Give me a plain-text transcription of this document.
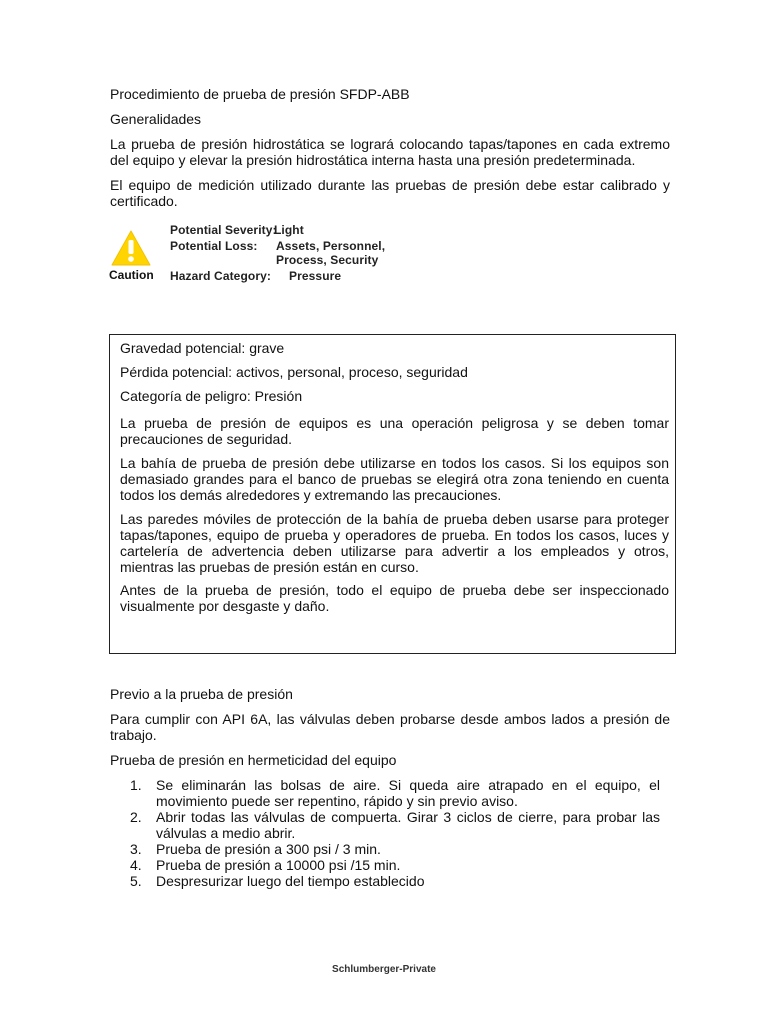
Procedimiento de prueba de presión SFDP-ABB

Generalidades

La prueba de presión hidrostática se logrará colocando tapas/tapones en cada extremo del equipo y elevar la presión hidrostática interna hasta una presión predeterminada.

El equipo de medición utilizado durante las pruebas de presión debe estar calibrado y certificado.

Caution
Potential Severity:
Light
Potential Loss: Assets, Personnel,
Process, Security
Hazard Category: Pressure

Gravedad potencial: grave

Pérdida potencial: activos, personal, proceso, seguridad

Categoría de peligro: Presión

La prueba de presión de equipos es una operación peligrosa y se deben tomar precauciones de seguridad.

La bahía de prueba de presión debe utilizarse en todos los casos. Si los equipos son demasiado grandes para el banco de pruebas se elegirá otra zona teniendo en cuenta todos los demás alrededores y extremando las precauciones.

Las paredes móviles de protección de la bahía de prueba deben usarse para proteger tapas/tapones, equipo de prueba y operadores de prueba. En todos los casos, luces y cartelería de advertencia deben utilizarse para advertir a los empleados y otros, mientras las pruebas de presión están en curso.

Antes de la prueba de presión, todo el equipo de prueba debe ser inspeccionado visualmente por desgaste y daño.

Previo a la prueba de presión

Para cumplir con API 6A, las válvulas deben probarse desde ambos lados a presión de trabajo.

Prueba de presión en hermeticidad del equipo

1. Se eliminarán las bolsas de aire. Si queda aire atrapado en el equipo, el movimiento puede ser repentino, rápido y sin previo aviso.
2. Abrir todas las válvulas de compuerta. Girar 3 ciclos de cierre, para probar las válvulas a medio abrir.
3. Prueba de presión a 300 psi / 3 min.
4. Prueba de presión a 10000 psi /15 min.
5. Despresurizar luego del tiempo establecido
Schlumberger-Private
